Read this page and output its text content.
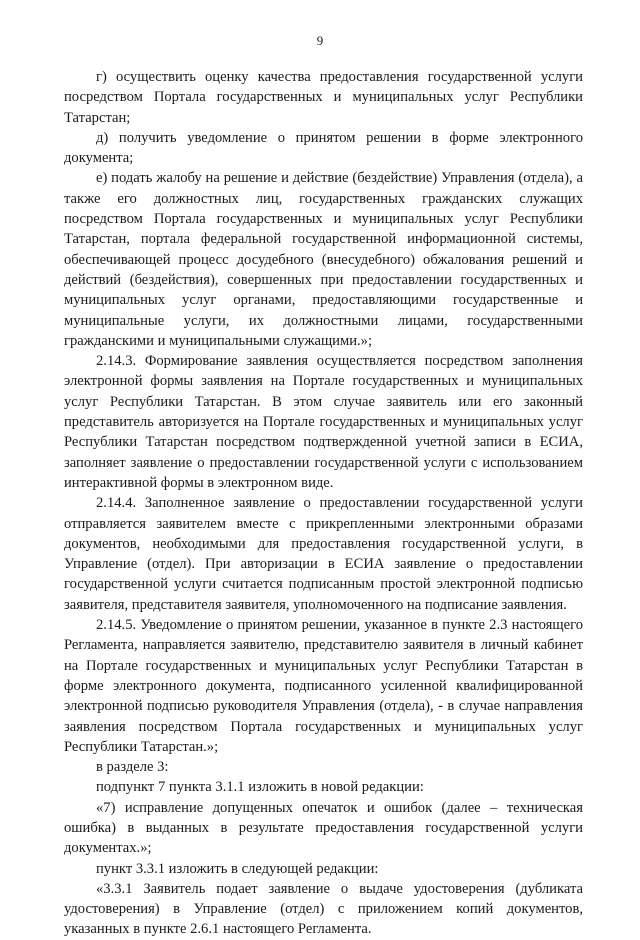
9

г) осуществить оценку качества предоставления государственной услуги посредством Портала государственных и муниципальных услуг Республики Татарстан;

д) получить уведомление о принятом решении в форме электронного документа;

е) подать жалобу на решение и действие (бездействие) Управления (отдела), а также его должностных лиц, государственных гражданских служащих посредством Портала государственных и муниципальных услуг Республики Татарстан, портала федеральной государственной информационной системы, обеспечивающей процесс досудебного (внесудебного) обжалования решений и действий (бездействия), совершенных при предоставлении государственных и муниципальных услуг органами, предоставляющими государственные и муниципальные услуги, их должностными лицами, государственными гражданскими и муниципальными служащими.»;

2.14.3. Формирование заявления осуществляется посредством заполнения электронной формы заявления на Портале государственных и муниципальных услуг Республики Татарстан. В этом случае заявитель или его законный представитель авторизуется на Портале государственных и муниципальных услуг Республики Татарстан посредством подтвержденной учетной записи в ЕСИА, заполняет заявление о предоставлении государственной услуги с использованием интерактивной формы в электронном виде.

2.14.4. Заполненное заявление о предоставлении государственной услуги отправляется заявителем вместе с прикрепленными электронными образами документов, необходимыми для предоставления государственной услуги, в Управление (отдел). При авторизации в ЕСИА заявление о предоставлении государственной услуги считается подписанным простой электронной подписью заявителя, представителя заявителя, уполномоченного на подписание заявления.

2.14.5. Уведомление о принятом решении, указанное в пункте 2.3 настоящего Регламента, направляется заявителю, представителю заявителя в личный кабинет на Портале государственных и муниципальных услуг Республики Татарстан в форме электронного документа, подписанного усиленной квалифицированной электронной подписью руководителя Управления (отдела), - в случае направления заявления посредством Портала государственных и муниципальных услуг Республики Татарстан.»;

в разделе 3:

подпункт 7 пункта 3.1.1 изложить в новой редакции:

«7) исправление допущенных опечаток и ошибок (далее – техническая ошибка) в выданных в результате предоставления государственной услуги документах.»;

пункт 3.3.1 изложить в следующей редакции:

«3.3.1 Заявитель подает заявление о выдаче удостоверения (дубликата удостоверения) в Управление (отдел) с приложением копий документов, указанных в пункте 2.6.1 настоящего Регламента.
